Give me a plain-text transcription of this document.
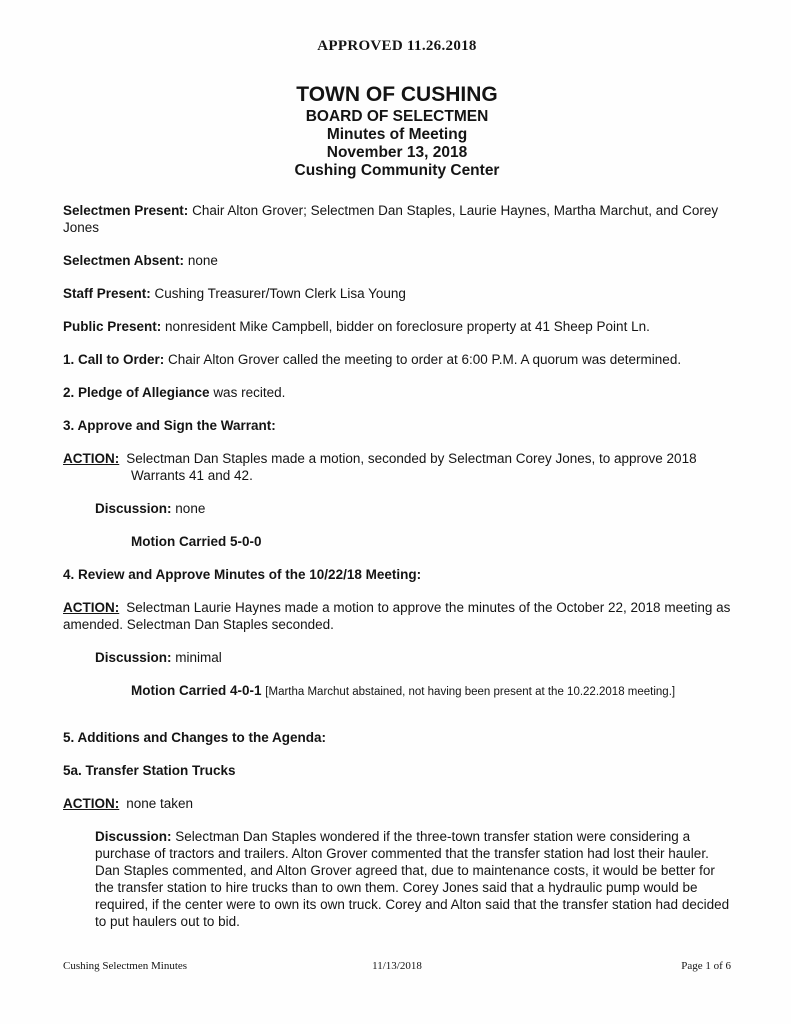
APPROVED 11.26.2018
TOWN OF CUSHING
BOARD OF SELECTMEN
Minutes of Meeting
November 13, 2018
Cushing Community Center

Selectmen Present: Chair Alton Grover; Selectmen Dan Staples, Laurie Haynes, Martha Marchut, and Corey Jones

Selectmen Absent: none

Staff Present: Cushing Treasurer/Town Clerk Lisa Young

Public Present: nonresident Mike Campbell, bidder on foreclosure property at 41 Sheep Point Ln.

1. Call to Order: Chair Alton Grover called the meeting to order at 6:00 P.M. A quorum was determined.

2. Pledge of Allegiance was recited.

3. Approve and Sign the Warrant:

ACTION: Selectman Dan Staples made a motion, seconded by Selectman Corey Jones, to approve 2018 Warrants 41 and 42.

Discussion: none

Motion Carried 5-0-0

4. Review and Approve Minutes of the 10/22/18 Meeting:

ACTION: Selectman Laurie Haynes made a motion to approve the minutes of the October 22, 2018 meeting as amended. Selectman Dan Staples seconded.

Discussion: minimal

Motion Carried 4-0-1 [Martha Marchut abstained, not having been present at the 10.22.2018 meeting.]

5. Additions and Changes to the Agenda:

5a. Transfer Station Trucks

ACTION: none taken

Discussion: Selectman Dan Staples wondered if the three-town transfer station were considering a purchase of tractors and trailers. Alton Grover commented that the transfer station had lost their hauler. Dan Staples commented, and Alton Grover agreed that, due to maintenance costs, it would be better for the transfer station to hire trucks than to own them. Corey Jones said that a hydraulic pump would be required, if the center were to own its own truck. Corey and Alton said that the transfer station had decided to put haulers out to bid.

Cushing Selectmen Minutes	11/13/2018	Page 1 of 6
